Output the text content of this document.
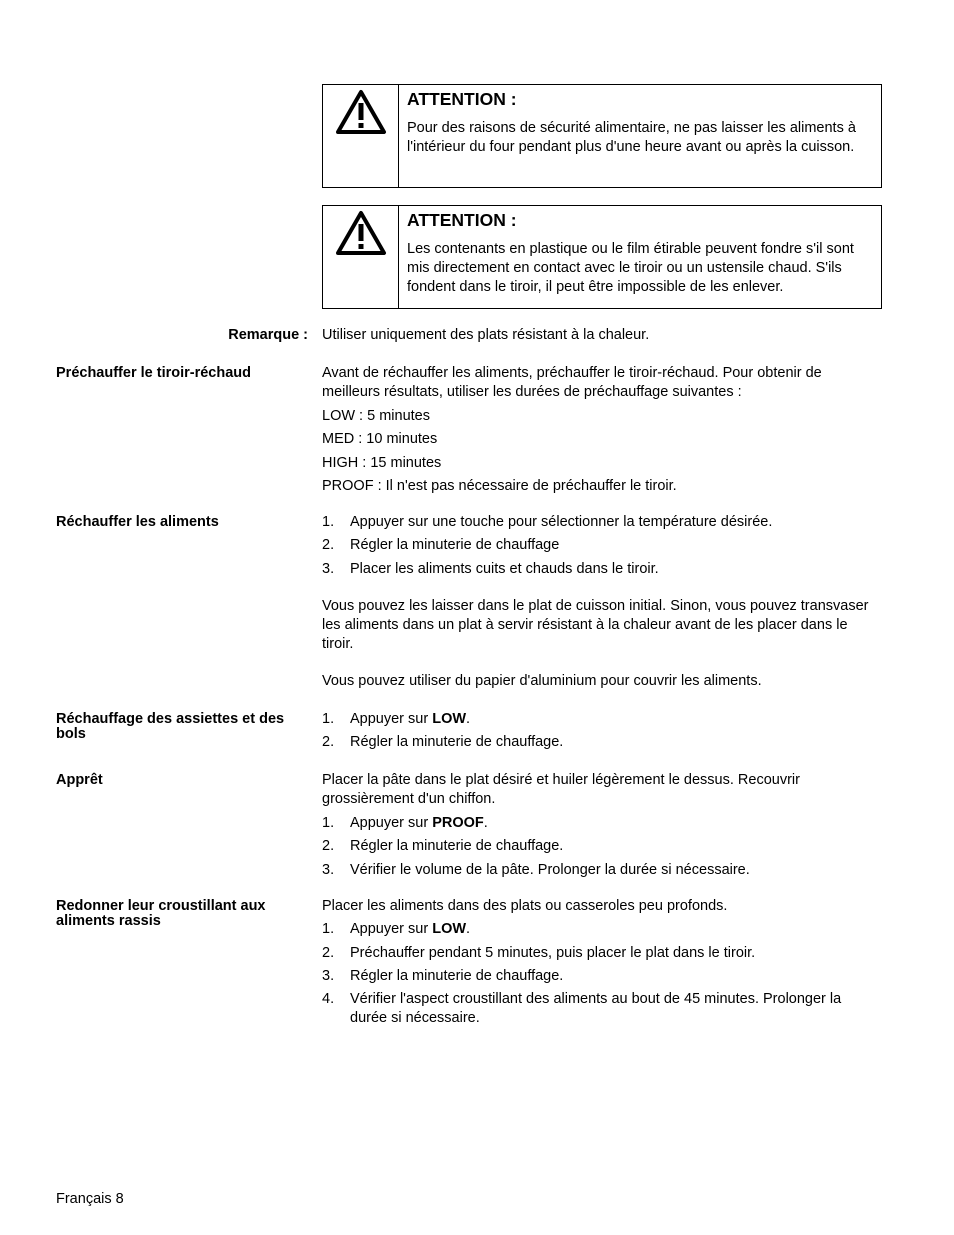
ATTENTION :

Pour des raisons de sécurité alimentaire, ne pas laisser les aliments à l'intérieur du four pendant plus d'une heure avant ou après la cuisson.

ATTENTION :

Les contenants en plastique ou le film étirable peuvent fondre s'il sont mis directement en contact avec le tiroir ou un ustensile chaud. S'ils fondent dans le tiroir, il peut être impossible de les enlever.

Remarque : Utiliser uniquement des plats résistant à la chaleur.
Préchauffer le tiroir-réchaud	Avant de réchauffer les aliments, préchauffer le tiroir-réchaud. Pour obtenir de meilleurs résultats, utiliser les durées de préchauffage suivantes :

LOW : 5 minutes

MED : 10 minutes

HIGH : 15 minutes

PROOF : Il n'est pas nécessaire de préchauffer le tiroir.

Réchauffer les aliments	1.	Appuyer sur une touche pour sélectionner la température désirée.
2.	Régler la minuterie de chauffage
3.	Placer les aliments cuits et chauds dans le tiroir.

Vous pouvez les laisser dans le plat de cuisson initial. Sinon, vous pouvez transvaser les aliments dans un plat à servir résistant à la chaleur avant de les placer dans le tiroir.

Vous pouvez utiliser du papier d'aluminium pour couvrir les aliments.

Réchauffage des assiettes et des bols
1.	Appuyer sur LOW.
2.	Régler la minuterie de chauffage.
Apprêt	Placer la pâte dans le plat désiré et huiler légèrement le dessus. Recouvrir grossièrement d'un chiffon.

1.	Appuyer sur PROOF.
2.	Régler la minuterie de chauffage.
3.	Vérifier le volume de la pâte. Prolonger la durée si nécessaire.
Redonner leur croustillant aux aliments rassis

Placer les aliments dans des plats ou casseroles peu profonds.

1.	Appuyer sur LOW.
2.	Préchauffer pendant 5 minutes, puis placer le plat dans le tiroir.
3.	Régler la minuterie de chauffage.
4.	Vérifier l'aspect croustillant des aliments au bout de 45 minutes. Prolonger la durée si nécessaire.
Français 8
